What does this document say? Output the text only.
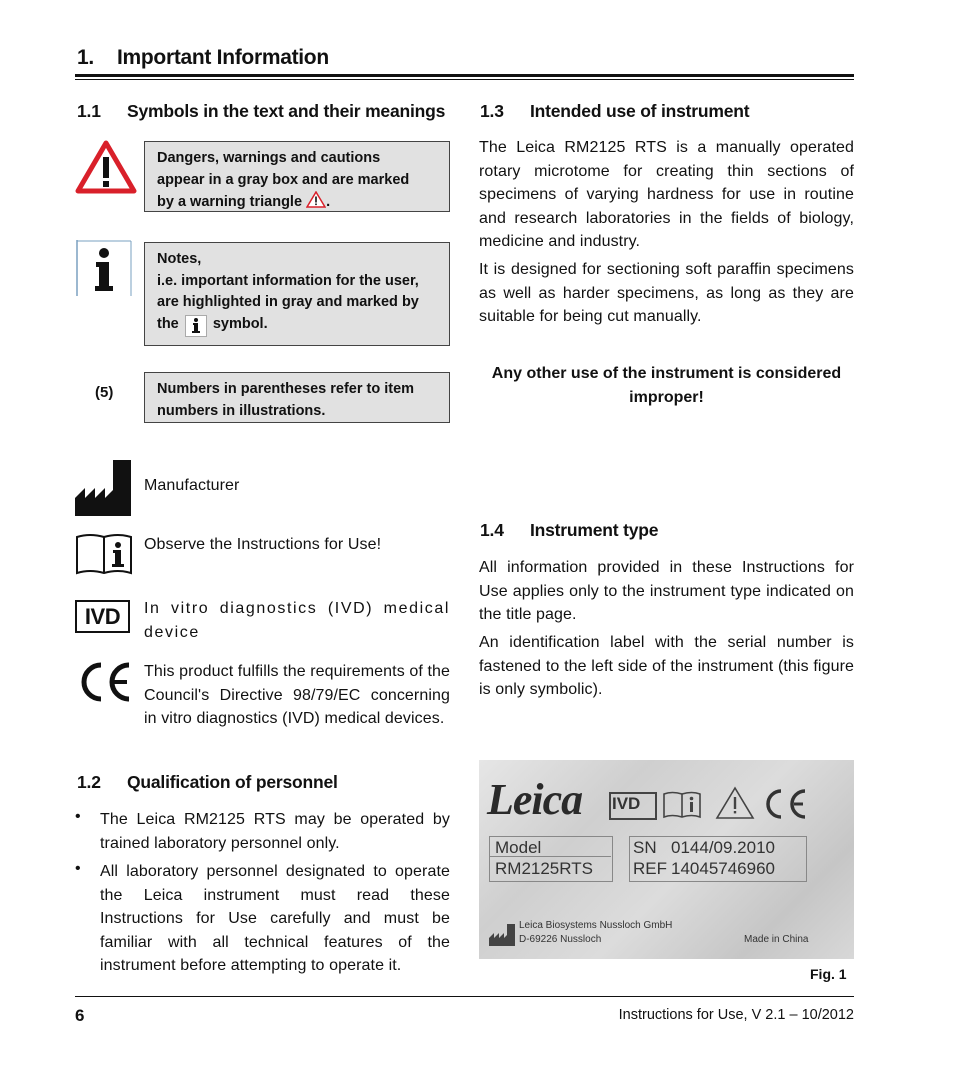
1. Important Information
1.1 Symbols in the text and their meanings
Dangers, warnings and cautions
appear in a gray box and are marked
by a warning triangle .
Notes,
i.e. important information for the user,
are highlighted in gray and marked by
the symbol.
(5)	Numbers in parentheses refer to item
numbers in illustrations.
Manufacturer
Observe the Instructions for Use!
IVD	In vitro diagnostics (IVD) medical device
This product fulfills the requirements of the Council's Directive 98/79/EC concerning in vitro diagnostics (IVD) medical devices.
1.2 Qualification of personnel
• The Leica RM2125 RTS may be operated by trained laboratory personnel only.
• All laboratory personnel designated to operate the Leica instrument must read these Instructions for Use carefully and must be familiar with all technical features of the instrument before attempting to operate it.
1.3 Intended use of instrument
The Leica RM2125 RTS is a manually operated rotary microtome for creating thin sections of specimens of varying hardness for use in routine and research laboratories in the fields of biology, medicine and industry.
It is designed for sectioning soft paraffin specimens as well as harder specimens, as long as they are suitable for being cut manually.
Any other use of the instrument is considered improper!
1.4 Instrument type
All information provided in these Instructions for Use applies only to the instrument type indicated on the title page.
An identification label with the serial number is fastened to the left side of the instrument (this figure is only symbolic).
Leica IVD
Model
RM2125RTS
SN 0144/09.2010
REF 14045746960
Leica Biosystems Nussloch GmbH
D-69226 Nussloch	Made in China
Fig. 1
6	Instructions for Use, V 2.1 – 10/2012
